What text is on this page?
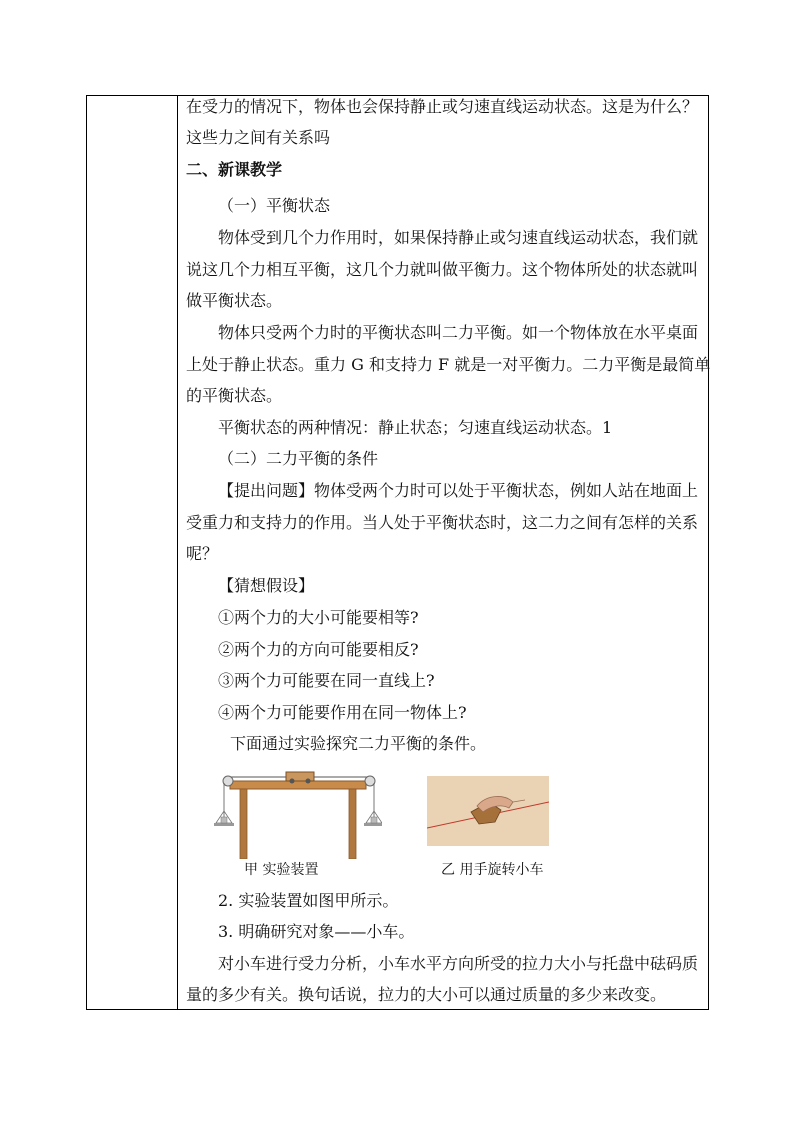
在受力的情况下，物体也会保持静止或匀速直线运动状态。这是为什么？
这些力之间有关系吗
二、新课教学
（一）平衡状态
物体受到几个力作用时，如果保持静止或匀速直线运动状态，我们就
说这几个力相互平衡，这几个力就叫做平衡力。这个物体所处的状态就叫
做平衡状态。
物体只受两个力时的平衡状态叫二力平衡。如一个物体放在水平桌面
上处于静止状态。重力 G 和支持力 F 就是一对平衡力。二力平衡是最简单
的平衡状态。
平衡状态的两种情况：静止状态；匀速直线运动状态。1
（二）二力平衡的条件
【提出问题】物体受两个力时可以处于平衡状态，例如人站在地面上
受重力和支持力的作用。当人处于平衡状态时，这二力之间有怎样的关系
呢？
【猜想假设】
①两个力的大小可能要相等?
②两个力的方向可能要相反?
③两个力可能要在同一直线上?
④两个力可能要作用在同一物体上?
下面通过实验探究二力平衡的条件。
甲 实验装置	乙 用手旋转小车
2. 实验装置如图甲所示。
3. 明确研究对象——小车。
对小车进行受力分析，小车水平方向所受的拉力大小与托盘中砝码质
量的多少有关。换句话说，拉力的大小可以通过质量的多少来改变。
